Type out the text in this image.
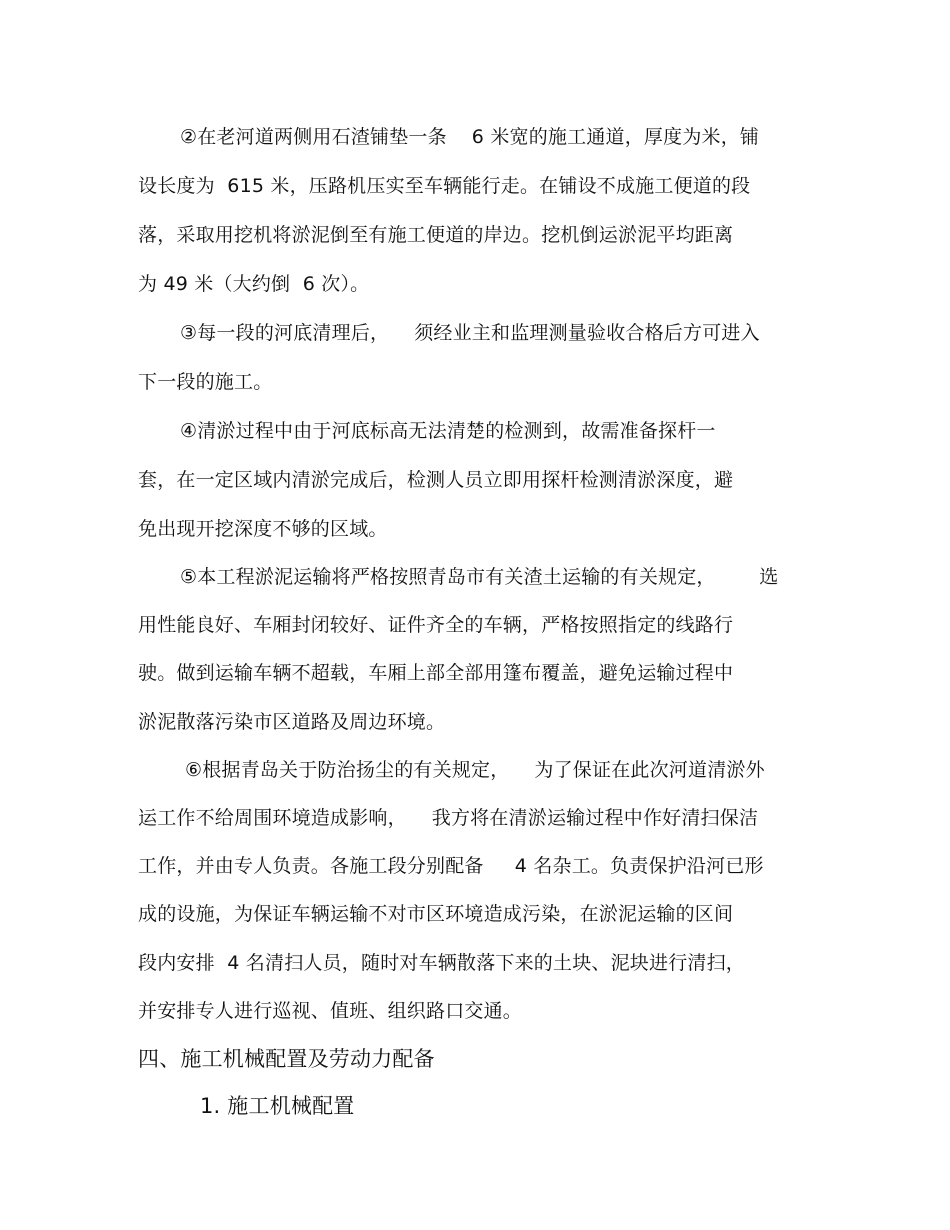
②在老河道两侧用石渣铺垫一条    6 米宽的施工通道，厚度为米，铺
设长度为  615 米，压路机压实至车辆能行走。在铺设不成施工便道的段
落，采取用挖机将淤泥倒至有施工便道的岸边。挖机倒运淤泥平均距离
为 49 米（大约倒  6 次）。
③每一段的河底清理后，    须经业主和监理测量验收合格后方可进入
下一段的施工。
④清淤过程中由于河底标高无法清楚的检测到，故需准备探杆一
套，在一定区域内清淤完成后，检测人员立即用探杆检测清淤深度，避
免出现开挖深度不够的区域。
⑤本工程淤泥运输将严格按照青岛市有关渣土运输的有关规定，       选
用性能良好、车厢封闭较好、证件齐全的车辆，严格按照指定的线路行
驶。做到运输车辆不超载，车厢上部全部用篷布覆盖，避免运输过程中
淤泥散落污染市区道路及周边环境。
⑥根据青岛关于防治扬尘的有关规定，    为了保证在此次河道清淤外
运工作不给周围环境造成影响，    我方将在清淤运输过程中作好清扫保洁
工作，并由专人负责。各施工段分别配备     4 名杂工。负责保护沿河已形
成的设施，为保证车辆运输不对市区环境造成污染，在淤泥运输的区间
段内安排  4 名清扫人员，随时对车辆散落下来的土块、泥块进行清扫，
并安排专人进行巡视、值班、组织路口交通。
四、施工机械配置及劳动力配备
1. 施工机械配置
